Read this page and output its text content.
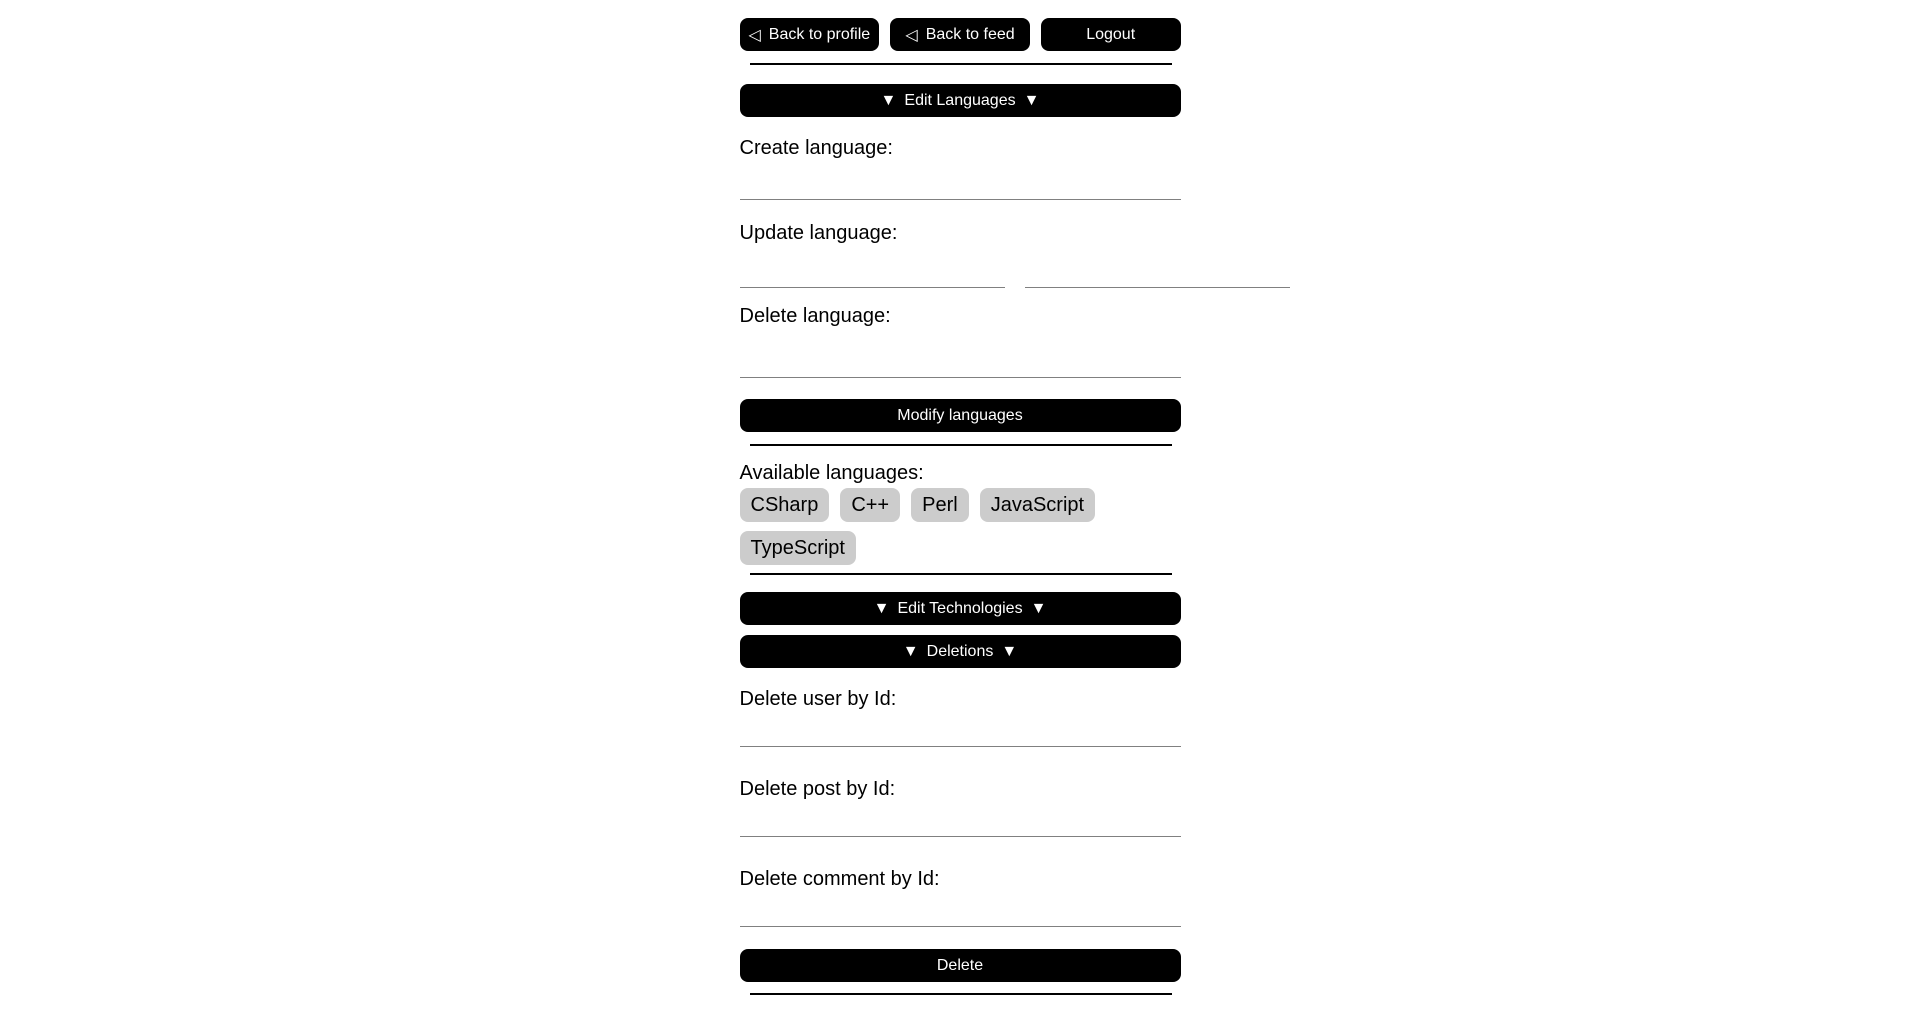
◁ Back to profile ◁ Back to feed	Logout
▼ Edit Languages ▼
Create language:
Update language:
Delete language:
Modify languages
Available languages:
CSharp	C++	Perl	JavaScript
TypeScript
▼ Edit Technologies ▼
▼ Deletions ▼
Delete user by Id:
Delete post by Id:
Delete comment by Id:
Delete
